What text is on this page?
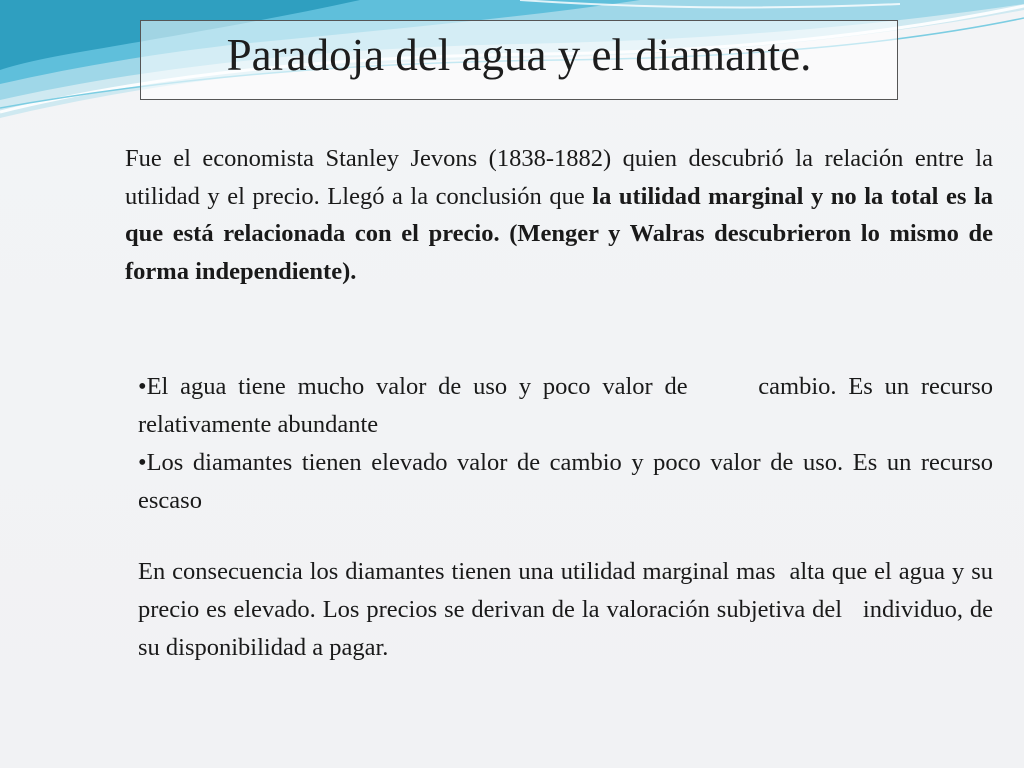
Paradoja del agua y el diamante.
Fue el economista Stanley Jevons (1838-1882) quien descubrió la relación entre la utilidad y el precio. Llegó a la conclusión que la utilidad marginal y no la total es la que está relacionada con el precio. (Menger y Walras descubrieron lo mismo de forma independiente).

•El agua tiene mucho valor de uso y poco valor de      cambio. Es un recurso relativamente abundante

•Los diamantes tienen elevado valor de cambio y poco valor de uso. Es un recurso escaso

En consecuencia los diamantes tienen una utilidad marginal mas  alta que el agua y su precio es elevado. Los precios se derivan de la valoración subjetiva del   individuo, de su disponibilidad a pagar.
